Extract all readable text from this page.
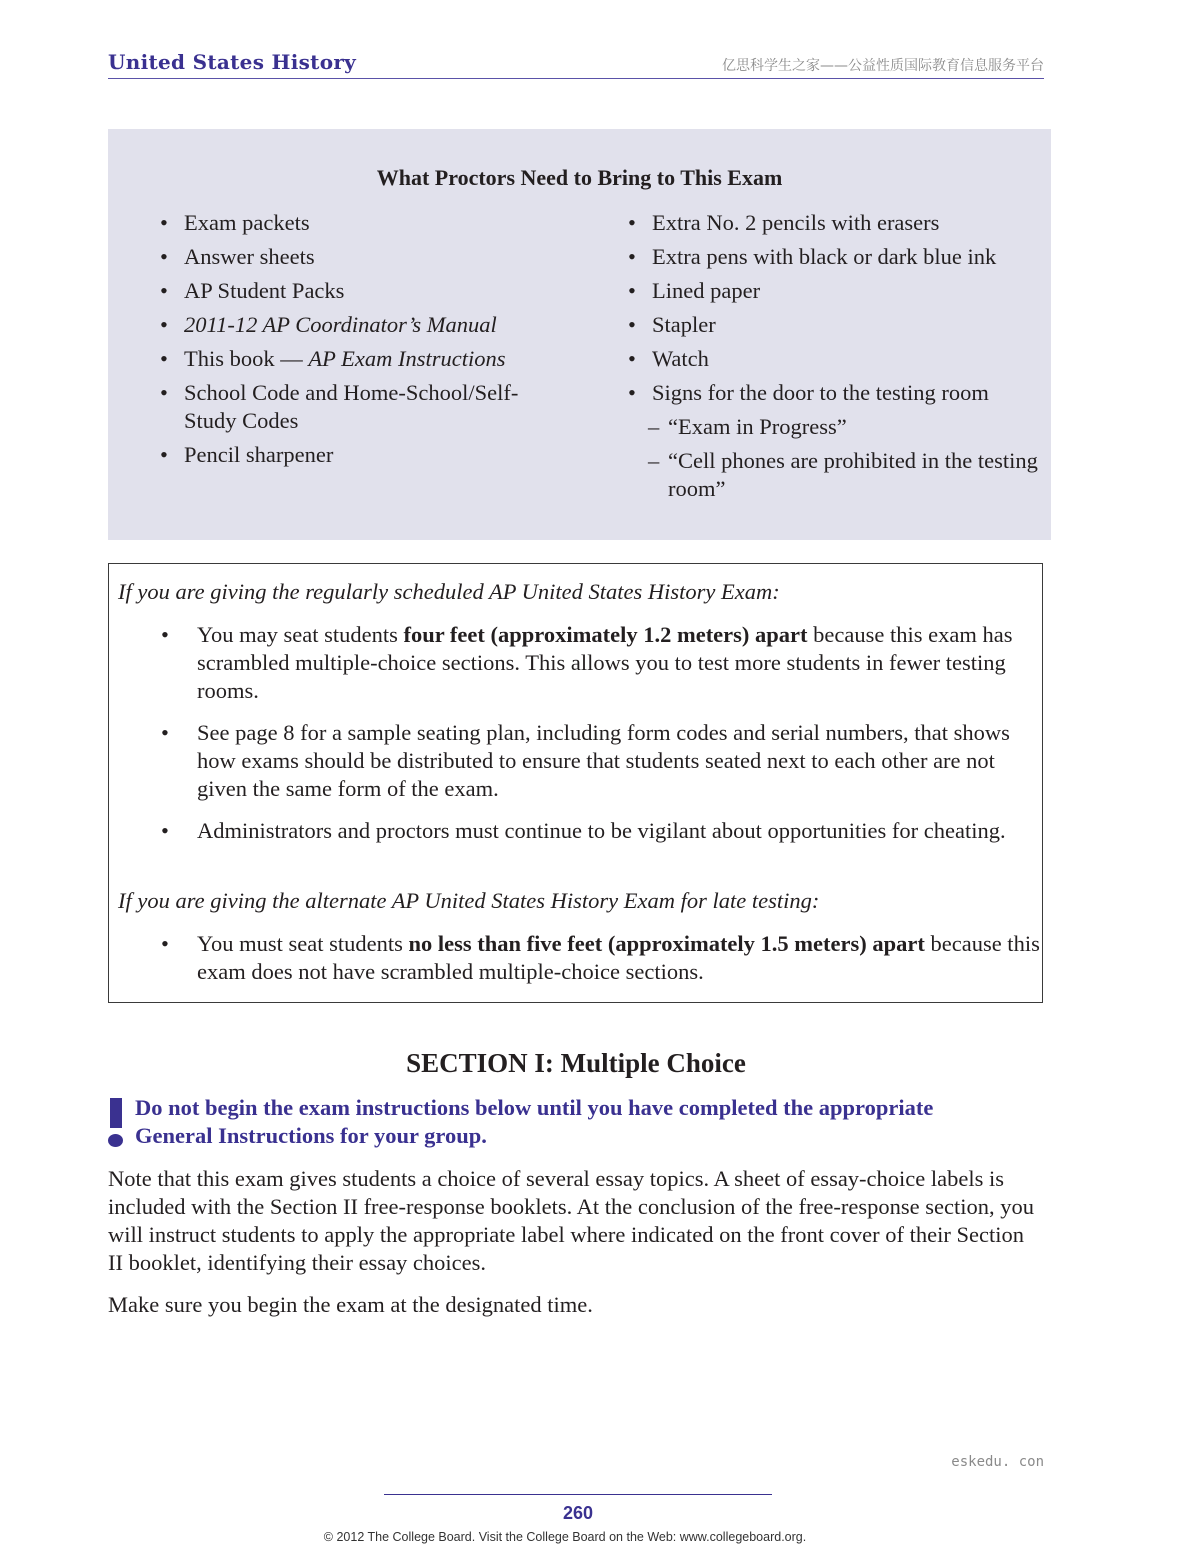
United States History	亿思科学生之家——公益性质国际教育信息服务平台
What Proctors Need to Bring to This Exam
• Exam packets
• Answer sheets
• AP Student Packs
• 2011-12 AP Coordinator’s Manual
• This book — AP Exam Instructions
• School Code and Home-School/Self-Study Codes
• Pencil sharpener
• Extra No. 2 pencils with erasers
• Extra pens with black or dark blue ink
• Lined paper
• Stapler
• Watch
• Signs for the door to the testing room
– “Exam in Progress”
– “Cell phones are prohibited in the testing room”
If you are giving the regularly scheduled AP United States History Exam:
• You may seat students four feet (approximately 1.2 meters) apart because this exam has scrambled multiple-choice sections. This allows you to test more students in fewer testing rooms.
• See page 8 for a sample seating plan, including form codes and serial numbers, that shows how exams should be distributed to ensure that students seated next to each other are not given the same form of the exam.
• Administrators and proctors must continue to be vigilant about opportunities for cheating.
If you are giving the alternate AP United States History Exam for late testing:
• You must seat students no less than five feet (approximately 1.5 meters) apart because this exam does not have scrambled multiple-choice sections.
SECTION I: Multiple Choice
Do not begin the exam instructions below until you have completed the appropriate General Instructions for your group.
Note that this exam gives students a choice of several essay topics. A sheet of essay-choice labels is included with the Section II free-response booklets. At the conclusion of the free-response section, you will instruct students to apply the appropriate label where indicated on the front cover of their Section II booklet, identifying their essay choices.
Make sure you begin the exam at the designated time.
eskedu. con
260
© 2012 The College Board. Visit the College Board on the Web: www.collegeboard.org.
